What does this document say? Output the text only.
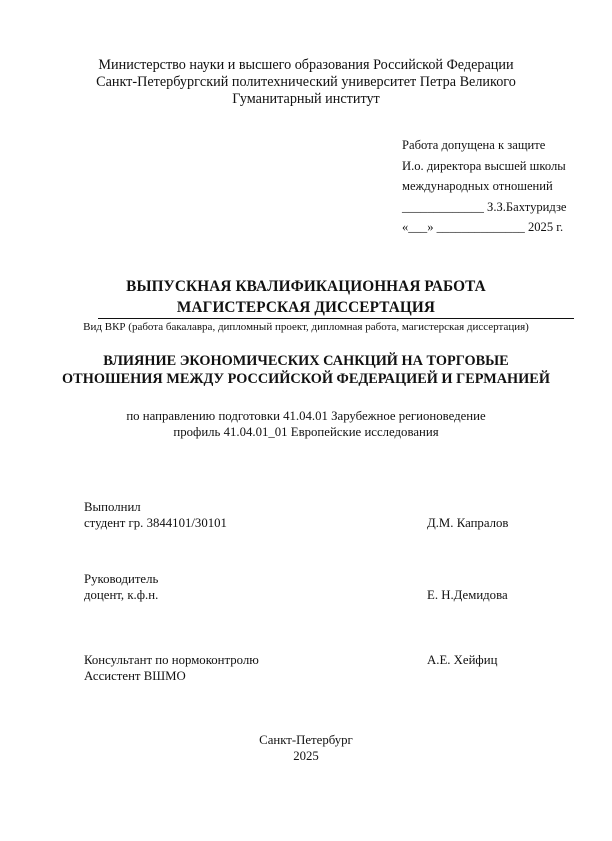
Министерство науки и высшего образования Российской Федерации
Санкт-Петербургский политехнический университет Петра Великого
Гуманитарный институт
Работа допущена к защите
И.о. директора высшей школы
международных отношений
_____________ З.З.Бахтуридзе
«___» ______________ 2025 г.
ВЫПУСКНАЯ КВАЛИФИКАЦИОННАЯ РАБОТА
МАГИСТЕРСКАЯ ДИССЕРТАЦИЯ
Вид ВКР (работа бакалавра, дипломный проект, дипломная работа, магистерская диссертация)
ВЛИЯНИЕ ЭКОНОМИЧЕСКИХ САНКЦИЙ НА ТОРГОВЫЕ
ОТНОШЕНИЯ МЕЖДУ РОССИЙСКОЙ ФЕДЕРАЦИЕЙ И ГЕРМАНИЕЙ
по направлению подготовки 41.04.01 Зарубежное регионоведение
профиль 41.04.01_01 Европейские исследования
Выполнил
студент гр. 3844101/30101	Д.М. Капралов
Руководитель
доцент, к.ф.н.	Е. Н.Демидова
Консультант по нормоконтролю
Ассистент ВШМО
А.Е. Хейфиц
Санкт-Петербург
2025
